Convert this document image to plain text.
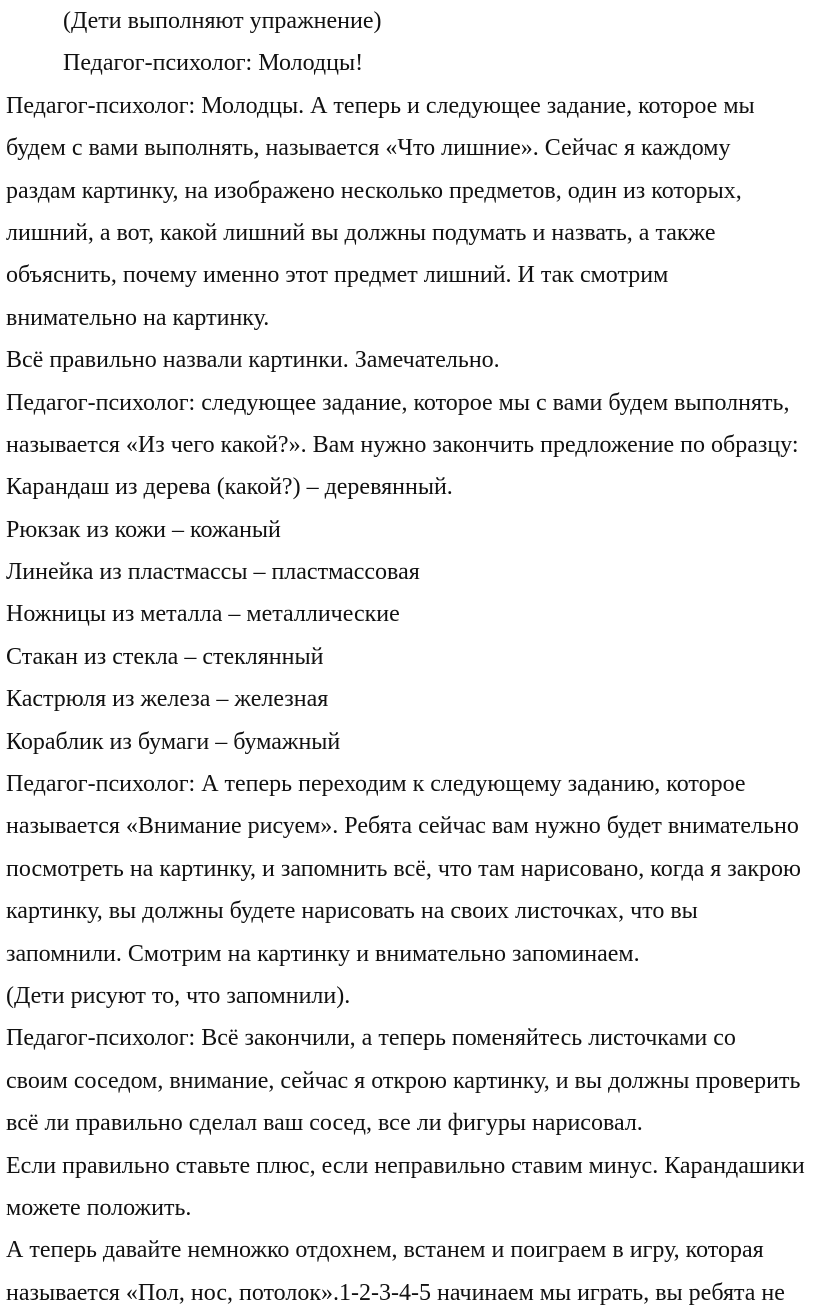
(Дети выполняют упражнение)
Педагог-психолог: Молодцы!
Педагог-психолог: Молодцы. А теперь и следующее задание, которое мы
будем с вами выполнять, называется «Что лишние». Сейчас я каждому
раздам картинку, на изображено несколько предметов, один из которых,
лишний, а вот, какой лишний вы должны подумать и назвать, а также
объяснить, почему именно этот предмет лишний. И так смотрим
внимательно на картинку.
Всё правильно назвали картинки. Замечательно.
Педагог-психолог: следующее задание, которое мы с вами будем выполнять,
называется «Из чего какой?». Вам нужно закончить предложение по образцу:
Карандаш из дерева (какой?) – деревянный.
Рюкзак из кожи – кожаный
Линейка из пластмассы – пластмассовая
Ножницы из металла – металлические
Стакан из стекла – стеклянный
Кастрюля из железа – железная
Кораблик из бумаги – бумажный
Педагог-психолог: А теперь переходим к следующему заданию, которое
называется «Внимание рисуем». Ребята сейчас вам нужно будет внимательно
посмотреть на картинку, и запомнить всё, что там нарисовано, когда я закрою
картинку, вы должны будете нарисовать на своих листочках, что вы
запомнили. Смотрим на картинку и внимательно запоминаем.
(Дети рисуют то, что запомнили).
Педагог-психолог: Всё закончили, а теперь поменяйтесь листочками со
своим соседом, внимание, сейчас я открою картинку, и вы должны проверить
всё ли правильно сделал ваш сосед, все ли фигуры нарисовал.
Если правильно ставьте плюс, если неправильно ставим минус. Карандашики
можете положить.
А теперь давайте немножко отдохнем, встанем и поиграем в игру, которая
называется «Пол, нос, потолок».1-2-3-4-5 начинаем мы играть, вы ребята не
